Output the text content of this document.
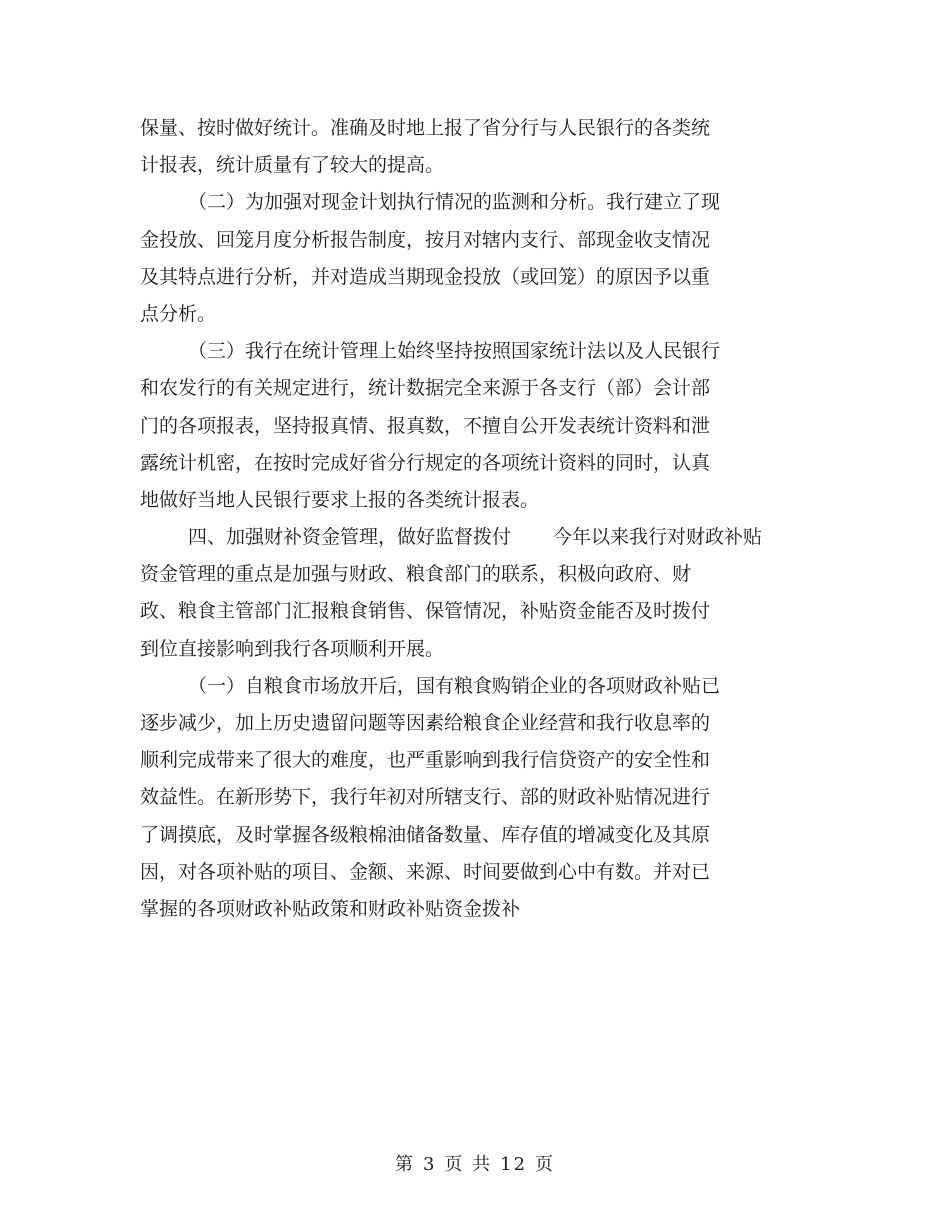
保量、按时做好统计。准确及时地上报了省分行与人民银行的各类统
计报表，统计质量有了较大的提高。
（二）为加强对现金计划执行情况的监测和分析。我行建立了现
金投放、回笼月度分析报告制度，按月对辖内支行、部现金收支情况
及其特点进行分析，并对造成当期现金投放（或回笼）的原因予以重
点分析。
（三）我行在统计管理上始终坚持按照国家统计法以及人民银行
和农发行的有关规定进行，统计数据完全来源于各支行（部）会计部
门的各项报表，坚持报真情、报真数，不擅自公开发表统计资料和泄
露统计机密，在按时完成好省分行规定的各项统计资料的同时，认真
地做好当地人民银行要求上报的各类统计报表。
四、加强财补资金管理，做好监督拨付 今年以来我行对财政补贴
资金管理的重点是加强与财政、粮食部门的联系，积极向政府、财
政、粮食主管部门汇报粮食销售、保管情况，补贴资金能否及时拨付
到位直接影响到我行各项顺利开展。
（一）自粮食市场放开后，国有粮食购销企业的各项财政补贴已
逐步减少，加上历史遗留问题等因素给粮食企业经营和我行收息率的
顺利完成带来了很大的难度，也严重影响到我行信贷资产的安全性和
效益性。在新形势下，我行年初对所辖支行、部的财政补贴情况进行
了调摸底，及时掌握各级粮棉油储备数量、库存值的增减变化及其原
因，对各项补贴的项目、金额、来源、时间要做到心中有数。并对已
掌握的各项财政补贴政策和财政补贴资金拨补
第 3 页 共 12 页
